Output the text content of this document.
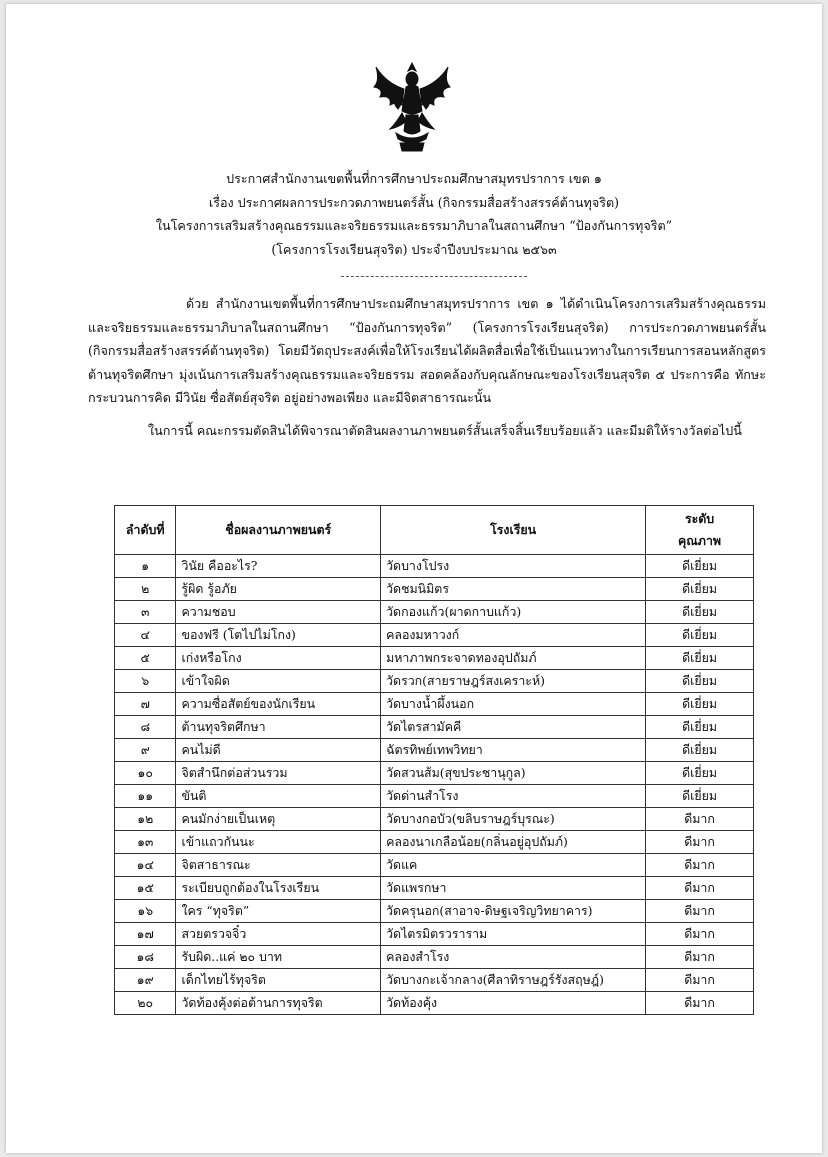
ประกาศสำนักงานเขตพื้นที่การศึกษาประถมศึกษาสมุทรปราการ เขต ๑
เรื่อง ประกาศผลการประกวดภาพยนตร์สั้น (กิจกรรมสื่อสร้างสรรค์ต้านทุจริต)
ในโครงการเสริมสร้างคุณธรรมและจริยธรรมและธรรมาภิบาลในสถานศึกษา “ป้องกันการทุจริต”
(โครงการโรงเรียนสุจริต) ประจำปีงบประมาณ ๒๕๖๓

ด้วย สำนักงานเขตพื้นที่การศึกษาประถมศึกษาสมุทรปราการ เขต ๑ ได้ดำเนินโครงการเสริมสร้างคุณธรรมและจริยธรรมและธรรมาภิบาลในสถานศึกษา “ป้องกันการทุจริต” (โครงการโรงเรียนสุจริต) การประกวดภาพยนตร์สั้น (กิจกรรมสื่อสร้างสรรค์ต้านทุจริต) โดยมีวัตถุประสงค์เพื่อให้โรงเรียนได้ผลิตสื่อเพื่อใช้เป็นแนวทางในการเรียนการสอนหลักสูตรต้านทุจริตศึกษา มุ่งเน้นการเสริมสร้างคุณธรรมและจริยธรรม สอดคล้องกับคุณลักษณะของโรงเรียนสุจริต ๕ ประการคือ ทักษะกระบวนการคิด มีวินัย ซื่อสัตย์สุจริต อยู่อย่างพอเพียง และมีจิตสาธารณะนั้น

ในการนี้ คณะกรรมตัดสินได้พิจารณาตัดสินผลงานภาพยนตร์สั้นเสร็จสิ้นเรียบร้อยแล้ว และมีมติให้รางวัลต่อไปนี้

ลำดับที่	ชื่อผลงานภาพยนตร์	โรงเรียน	ระดับ คุณภาพ
๑	วินัย คืออะไร?	วัดบางโปรง	ดีเยี่ยม
๒	รู้ผิด รู้อภัย	วัดชมนิมิตร	ดีเยี่ยม
๓	ความชอบ	วัดกองแก้ว(ผาดกาบแก้ว)	ดีเยี่ยม
๔	ของฟรี (โตไปไม่โกง)	คลองมหาวงก์	ดีเยี่ยม
๕	เก่งหรือโกง	มหาภาพกระจาดทองอุปถัมภ์	ดีเยี่ยม
๖	เข้าใจผิด	วัดรวก(สายราษฎร์สงเคราะห์)	ดีเยี่ยม
๗	ความซื่อสัตย์ของนักเรียน	วัดบางน้ำผึ้งนอก	ดีเยี่ยม
๘	ต้านทุจริตศึกษา	วัดไตรสามัคคี	ดีเยี่ยม
๙	คนไม่ดี	ฉัตรทิพย์เทพวิทยา	ดีเยี่ยม
๑๐	จิตสำนึกต่อส่วนรวม	วัดสวนส้ม(สุขประชานุกูล)	ดีเยี่ยม
๑๑	ขันติ	วัดด่านสำโรง	ดีเยี่ยม
๑๒	คนมักง่ายเป็นเหตุ	วัดบางกอบัว(ขลิบราษฎร์บุรณะ)	ดีมาก
๑๓	เข้าแถวกันนะ	คลองนาเกลือน้อย(กลิ่นอยู่อุปถัมภ์)	ดีมาก
๑๔	จิตสาธารณะ	วัดแค	ดีมาก
๑๕	ระเบียบถูกต้องในโรงเรียน	วัดแพรกษา	ดีมาก
๑๖	ใคร “ทุจริต”	วัดครุนอก(สาอาจ-ดิษฐเจริญวิทยาคาร)	ดีมาก
๑๗	สวยตรวจจิ๋ว	วัดไตรมิตรวราราม	ดีมาก
๑๘	รับผิด..แค่ ๒๐ บาท	คลองสำโรง	ดีมาก
๑๙	เด็กไทยไร้ทุจริต	วัดบางกะเจ้ากลาง(ศีลาทิราษฎร์รังสฤษฎ์)	ดีมาก
๒๐	วัดท้องคุ้งต่อต้านการทุจริต	วัดท้องคุ้ง	ดีมาก
